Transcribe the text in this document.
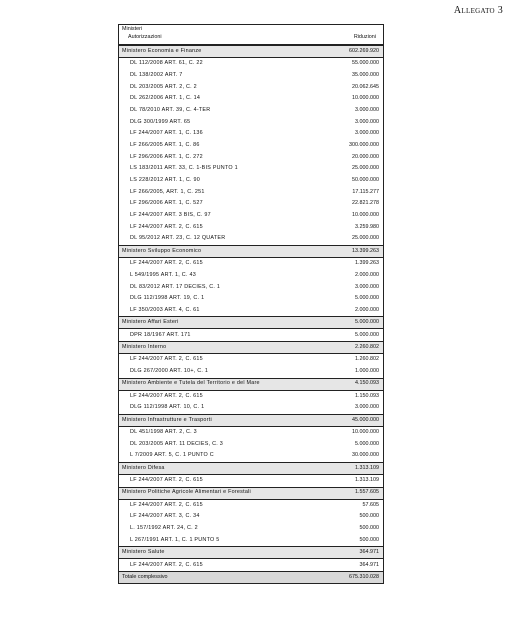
Allegato 3
Ministeri
Autorizzazioni	Riduzioni
Ministero Economia e Finanze	602.269.920
DL 112/2008 ART. 61, C. 22	55.000.000
DL 138/2002 ART. 7	35.000.000
DL 203/2005 ART. 2, C. 2	20.062.645
DL 262/2006 ART. 1, C. 14	10.000.000
DL 78/2010 ART. 39, C. 4-TER	3.000.000
DLG 300/1999 ART. 65	3.000.000
LF 244/2007 ART. 1, C. 136	3.000.000
LF 266/2005 ART. 1, C. 86	300.000.000
LF 296/2006 ART. 1, C. 272	20.000.000
LS 183/2011 ART. 33, C. 1-BIS PUNTO 1	25.000.000
LS 228/2012 ART. 1, C. 90	50.000.000
LF 266/2005, ART. 1, C. 251	17.115.277
LF 296/2006 ART. 1, C. 527	22.821.278
LF 244/2007 ART. 3 BIS, C. 97	10.000.000
LF 244/2007 ART. 2, C. 615	3.259.980
DL 95/2012 ART. 23, C. 12 QUATER	25.000.000
Ministero Sviluppo Economico	13.399.263
LF 244/2007 ART. 2, C. 615	1.399.263
L 549/1995 ART. 1, C. 43	2.000.000
DL 83/2012 ART. 17 DECIES, C. 1	3.000.000
DLG 112/1998 ART. 19, C. 1	5.000.000
LF 350/2003 ART. 4, C. 61	2.000.000
Ministero Affari Esteri	5.000.000
DPR 18/1967 ART. 171	5.000.000
Ministero Interno	2.260.802
LF 244/2007 ART. 2, C. 615	1.260.802
DLG 267/2000 ART. 10+, C. 1	1.000.000
Ministero Ambiente e Tutela del Territorio e del Mare	4.150.093
LF 244/2007 ART. 2, C. 615	1.150.093
DLG 112/1998 ART. 10, C. 1	3.000.000
Ministero Infrastrutture e Trasporti	45.000.000
DL 451/1998 ART. 2, C. 3	10.000.000
DL 203/2005 ART. 11 DECIES, C. 3	5.000.000
L 7/2009 ART. 5, C. 1 PUNTO C	30.000.000
Ministero Difesa	1.313.109
LF 244/2007 ART. 2, C. 615	1.313.109
Ministero Politiche Agricole Alimentari e Forestali	1.557.605
LF 244/2007 ART. 2, C. 615	57.605
LF 244/2007 ART. 3, C. 34	500.000
L. 157/1992 ART. 24, C. 2	500.000
L 267/1991 ART. 1, C. 1 PUNTO 5	500.000
Ministero Salute	364.971
LF 244/2007 ART. 2, C. 615	364.971
Totale complessivo	675.310.028
